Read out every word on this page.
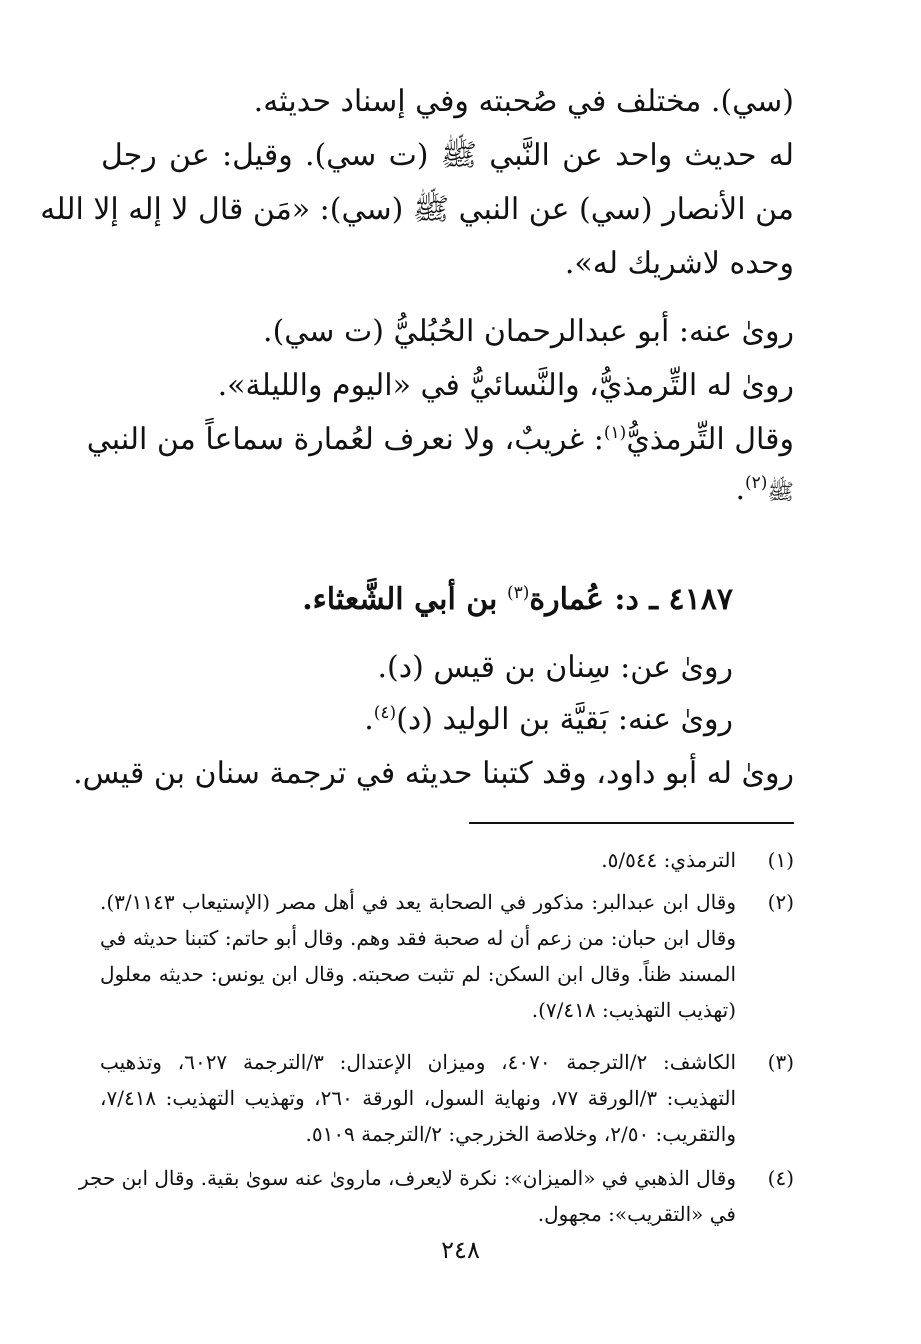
(سي). مختلف في صُحبته وفي إسناد حديثه.
له حديث واحد عن النَّبي ﷺ (ت سي). وقيل: عن رجل
من الأنصار (سي) عن النبي ﷺ (سي): «مَن قال لا إله إلا الله
وحده لاشريك له».
روىٰ عنه: أبو عبدالرحمان الحُبُليُّ (ت سي).
روىٰ له التِّرمذيُّ، والنَّسائيُّ في «اليوم والليلة».
وقال التِّرمذيُّ$^{(١)}$: غريبٌ، ولا نعرف لعُمارة سماعاً من النبي
ﷺ$^{(٢)}$.
٤١٨٧ ـ د: عُمارة$^{(٣)}$ بن أبي الشَّعثاء.
روىٰ عن: سِنان بن قيس (د).
روىٰ عنه: بَقيَّة بن الوليد (د)$^{(٤)}$.
روىٰ له أبو داود، وقد كتبنا حديثه في ترجمة سنان بن قيس.
(١)
الترمذي: ٥/٥٤٤.
(٢)
وقال ابن عبدالبر: مذكور في الصحابة يعد في أهل مصر (الإستيعاب ٣/١١٤٣).
وقال ابن حبان: من زعم أن له صحبة فقد وهم. وقال أبو حاتم: كتبنا حديثه في
المسند ظناً. وقال ابن السكن: لم تثبت صحبته. وقال ابن يونس: حديثه معلول
(تهذيب التهذيب: ٧/٤١٨).
(٣)
الكاشف: ٢/الترجمة ٤٠٧٠، وميزان الإعتدال: ٣/الترجمة ٦٠٢٧، وتذهيب
التهذيب: ٣/الورقة ٧٧، ونهاية السول، الورقة ٢٦٠، وتهذيب التهذيب: ٧/٤١٨،
والتقريب: ٢/٥٠، وخلاصة الخزرجي: ٢/الترجمة ٥١٠٩.
(٤)
وقال الذهبي في «الميزان»: نكرة لايعرف، ماروىٰ عنه سوىٰ بقية. وقال ابن حجر
في «التقريب»: مجهول.
٢٤٨
